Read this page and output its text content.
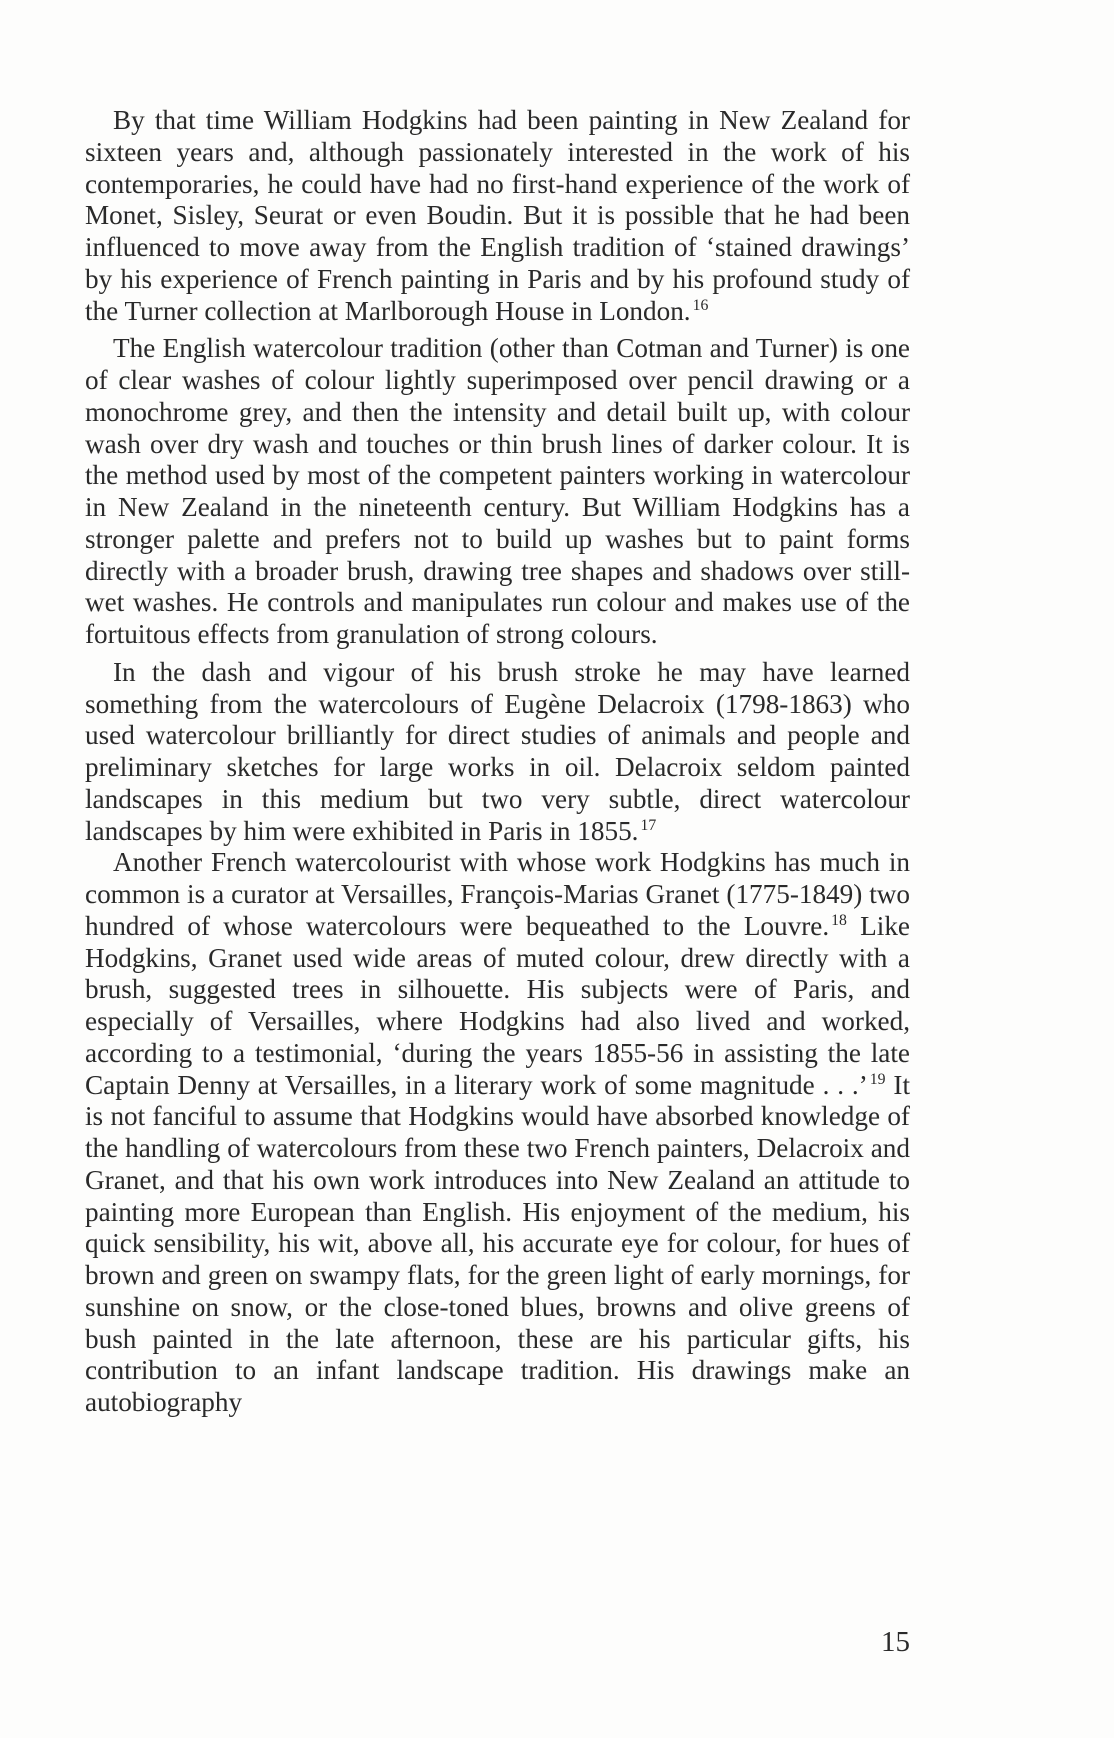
By that time William Hodgkins had been painting in New Zealand for sixteen years and, although passionately interested in the work of his contemporaries, he could have had no first-hand experience of the work of Monet, Sisley, Seurat or even Boudin. But it is possible that he had been influenced to move away from the English tradition of ‘stained drawings’ by his experience of French painting in Paris and by his profound study of the Turner collection at Marlborough House in London. $^{16}$

The English watercolour tradition (other than Cotman and Turner) is one of clear washes of colour lightly superimposed over pencil drawing or a monochrome grey, and then the intensity and detail built up, with colour wash over dry wash and touches or thin brush lines of darker colour. It is the method used by most of the competent painters working in watercolour in New Zealand in the nineteenth century. But William Hodgkins has a stronger palette and prefers not to build up washes but to paint forms directly with a broader brush, drawing tree shapes and shadows over still-wet washes. He controls and manipulates run colour and makes use of the fortuitous effects from granulation of strong colours.

In the dash and vigour of his brush stroke he may have learned something from the watercolours of Eugène Delacroix (1798-1863) who used watercolour brilliantly for direct studies of animals and people and preliminary sketches for large works in oil. Delacroix seldom painted landscapes in this medium but two very subtle, direct watercolour landscapes by him were exhibited in Paris in 1855. $^{17}$

Another French watercolourist with whose work Hodgkins has much in common is a curator at Versailles, François-Marias Granet (1775-1849) two hundred of whose watercolours were bequeathed to the Louvre. $^{18}$ Like Hodgkins, Granet used wide areas of muted colour, drew directly with a brush, suggested trees in silhouette. His subjects were of Paris, and especially of Versailles, where Hodgkins had also lived and worked, according to a testimonial, ‘during the years 1855-56 in assisting the late Captain Denny at Versailles, in a literary work of some magnitude . . .’ $^{19}$ It is not fanciful to assume that Hodgkins would have absorbed knowledge of the handling of watercolours from these two French painters, Delacroix and Granet, and that his own work introduces into New Zealand an attitude to painting more European than English. His enjoyment of the medium, his quick sensibility, his wit, above all, his accurate eye for colour, for hues of brown and green on swampy flats, for the green light of early mornings, for sunshine on snow, or the close-toned blues, browns and olive greens of bush painted in the late afternoon, these are his particular gifts, his contribution to an infant landscape tradition. His drawings make an autobiography

15
